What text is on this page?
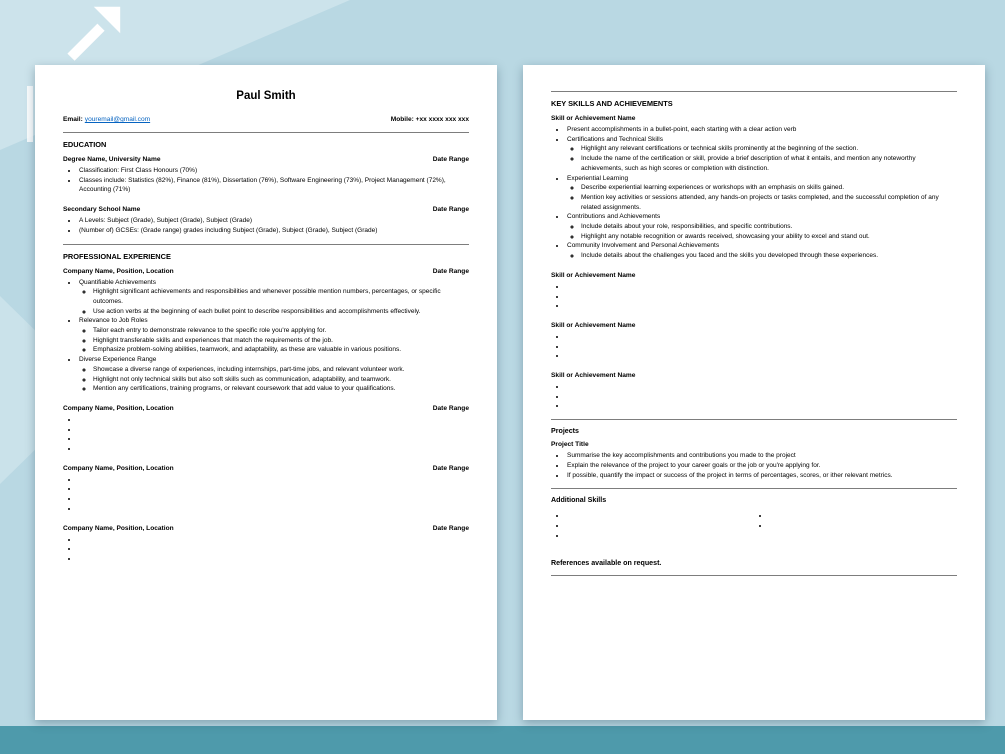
Paul Smith
Email: youremail@gmail.com	Mobile: +xx xxxx xxx xxx
EDUCATION
Degree Name, University Name	Date Range
• Classification: First Class Honours (70%)
• Classes include: Statistics (82%), Finance (81%), Dissertation (76%), Software Engineering (73%), Project Management (72%), Accounting (71%)
Secondary School Name	Date Range
• A Levels: Subject (Grade), Subject (Grade), Subject (Grade)
• (Number of) GCSEs: (Grade range) grades including Subject (Grade), Subject (Grade), Subject (Grade)
PROFESSIONAL EXPERIENCE
Company Name, Position, Location	Date Range
• Quantifiable Achievements
◦ Highlight significant achievements and responsibilities and whenever possible mention numbers, percentages, or specific outcomes.
◦ Use action verbs at the beginning of each bullet point to describe responsibilities and accomplishments effectively.
• Relevance to Job Roles
◦ Tailor each entry to demonstrate relevance to the specific role you're applying for.
◦ Highlight transferable skills and experiences that match the requirements of the job.
◦ Emphasize problem-solving abilities, teamwork, and adaptability, as these are valuable in various positions.
• Diverse Experience Range
◦ Showcase a diverse range of experiences, including internships, part-time jobs, and relevant volunteer work.
◦ Highlight not only technical skills but also soft skills such as communication, adaptability, and teamwork.
◦ Mention any certifications, training programs, or relevant coursework that add value to your qualifications.
Company Name, Position, Location	Date Range
•
•
•
•
Company Name, Position, Location	Date Range
•
•
•
•
Company Name, Position, Location	Date Range
•
•
•
KEY SKILLS AND ACHIEVEMENTS
Skill or Achievement Name
• Present accomplishments in a bullet-point, each starting with a clear action verb
• Certifications and Technical Skills
◦ Highlight any relevant certifications or technical skills prominently at the beginning of the section.
◦ Include the name of the certification or skill, provide a brief description of what it entails, and mention any noteworthy achievements, such as high scores or completion with distinction.
• Experiential Learning
◦ Describe experiential learning experiences or workshops with an emphasis on skills gained.
◦ Mention key activities or sessions attended, any hands-on projects or tasks completed, and the successful completion of any related assignments.
• Contributions and Achievements
◦ Include details about your role, responsibilities, and specific contributions.
◦ Highlight any notable recognition or awards received, showcasing your ability to excel and stand out.
• Community Involvement and Personal Achievements
◦ Include details about the challenges you faced and the skills you developed through these experiences.
Skill or Achievement Name
•
•
•
Skill or Achievement Name
•
•
•
Skill or Achievement Name
•
•
•
Projects
Project Title
• Summarise the key accomplishments and contributions you made to the project
• Explain the relevance of the project to your career goals or the job or you're applying for.
• If possible, quantify the impact or success of the project in terms of percentages, scores, or ither relevant metrics.
Additional Skills
•
•
•
•
•
References available on request.
